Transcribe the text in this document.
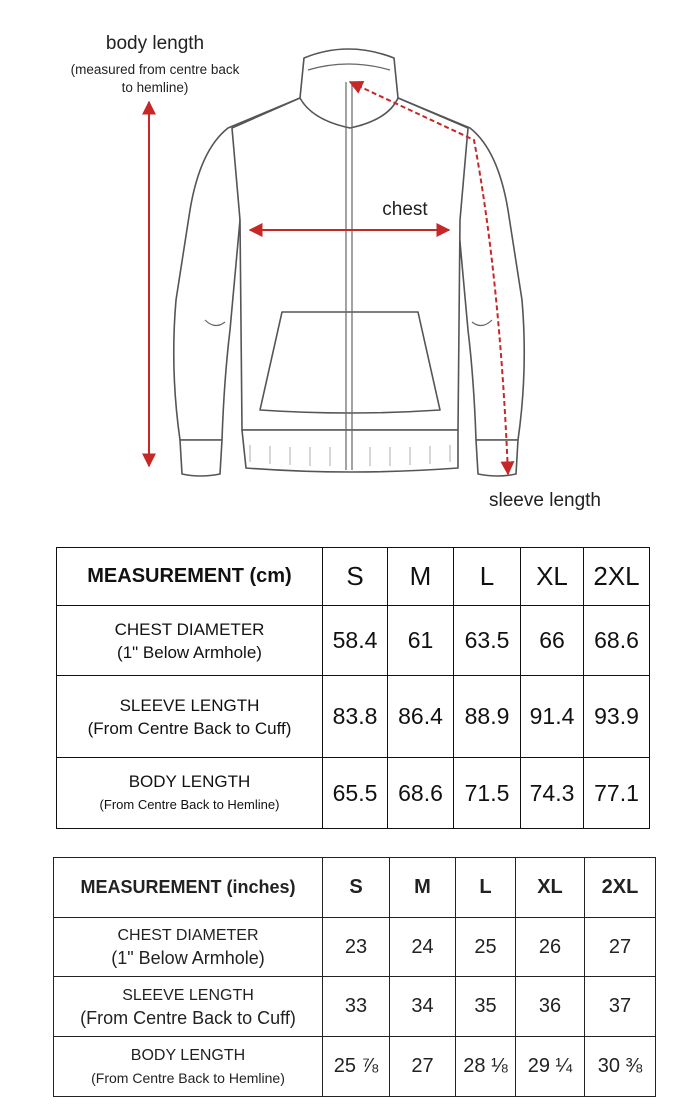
body length
(measured from centre back
to hemline)
chest
sleeve length
MEASUREMENT (cm)	S	M	L	XL	2XL

CHEST DIAMETER
(1" Below Armhole)	58.4	61	63.5	66	68.6

SLEEVE LENGTH
(From Centre Back to Cuff)	83.8	86.4	88.9	91.4	93.9

BODY LENGTH
(From Centre Back to Hemline)	65.5	68.6	71.5	74.3	77.1
MEASUREMENT (inches)	S	M	L	XL	2XL

CHEST DIAMETER
(1" Below Armhole)	23	24	25	26	27

SLEEVE LENGTH
(From Centre Back to Cuff)	33	34	35	36	37

BODY LENGTH
(From Centre Back to Hemline)	25 ⅞	27	28 ⅛	29 ¼	30 ⅜
